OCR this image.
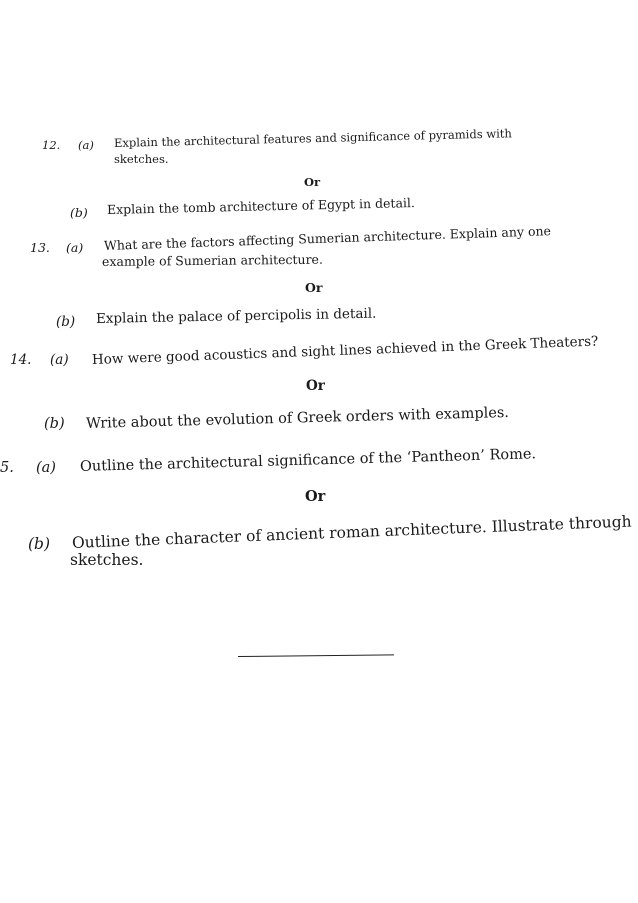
12. (a) Explain the architectural features and significance of pyramids with
sketches.
Or
(b) Explain the tomb architecture of Egypt in detail.
13. (a) What are the factors affecting Sumerian architecture. Explain any one
example of Sumerian architecture.
Or
(b) Explain the palace of percipolis in detail.
14. (a) How were good acoustics and sight lines achieved in the Greek Theaters?
Or
(b) Write about the evolution of Greek orders with examples.
5. (a) Outline the architectural significance of the ‘Pantheon’ Rome.
Or
(b) Outline the character of ancient roman architecture. Illustrate through
sketches.
